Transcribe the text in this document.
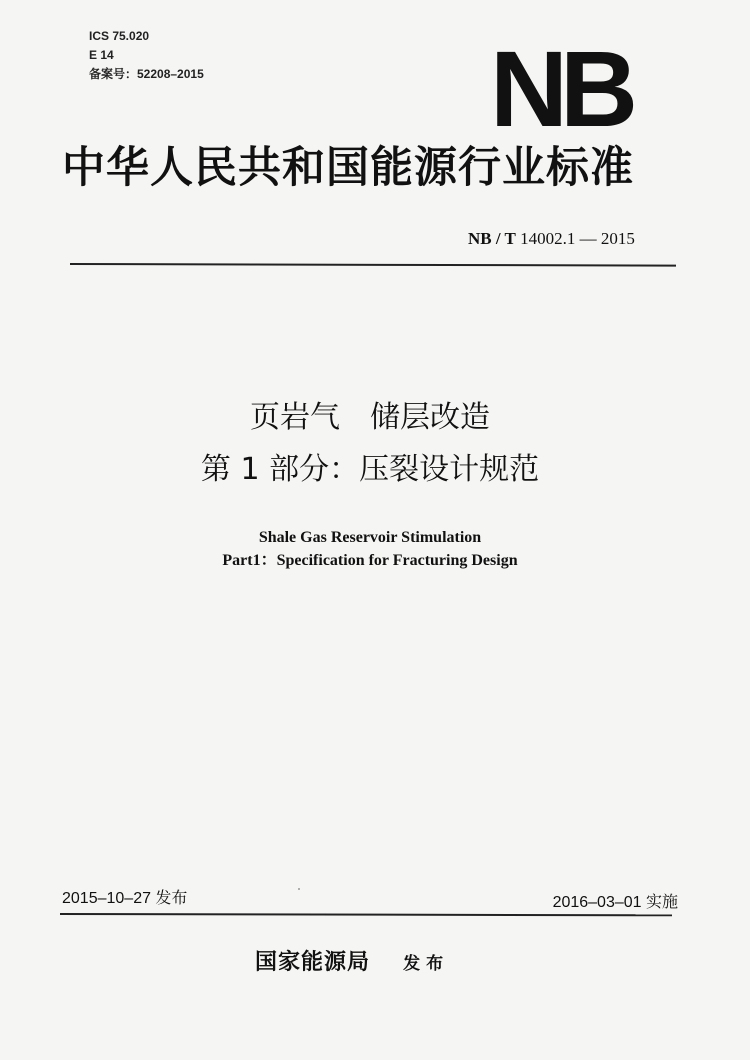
ICS 75.020
E 14
备案号：52208–2015	NB
中华人民共和国能源行业标准
NB / T 14002.1 — 2015
页岩气　储层改造
第 1 部分：压裂设计规范
Shale Gas Reservoir Stimulation
Part1：Specification for Fracturing Design
2015–10–27 发布	2016–03–01 实施
国家能源局 发布
